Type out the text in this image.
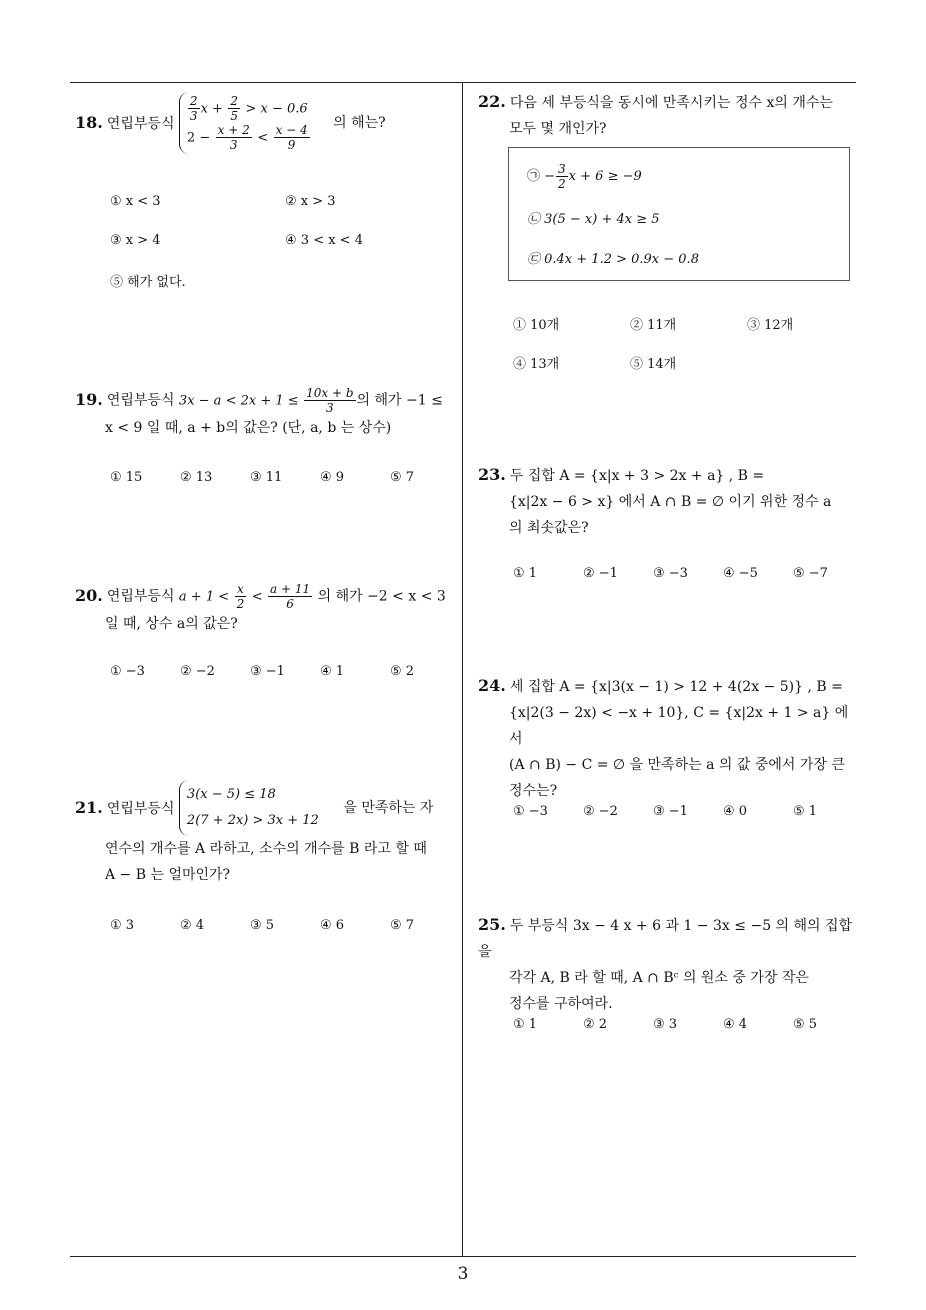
18. 연립부등식
$\frac{2}{3}$ $x + \frac{2}{5} > x - 0.6$
$2 - \frac{x + 2}{3} < \frac{x - 4}{9}$ 의 해는?
① x < 3	② x > 3
③ x > 4	④ 3 < x < 4
⑤ 해가 없다.
19. 연립부등식 $3x - a < 2x + 1 \le \frac{10x + b}{3}$ 의 해가 −1 ≤
x < 9 일 때, a + b의 값은? (단, a, b 는 상수)
① 15	② 13	③ 11	④ 9	⑤ 7
20. 연립부등식 $a + 1 < \frac{x}{2} < \frac{a + 11}{6}$ 의 해가 −2 < x < 3
일 때, 상수 a의 값은?
① −3	② −2	③ −1	④ 1	⑤ 2
21. 연립부등식
3(x − 5) ≤ 18
2(7 + 2x) > 3x + 12
을 만족하는 자
연수의 개수를 A 라하고, 소수의 개수를 B 라고 할 때
A − B 는 얼마인가?
① 3	② 4	③ 5	④ 6	⑤ 7
22. 다음 세 부등식을 동시에 만족시키는 정수 x의 개수는
모두 몇 개인가?
㉠ − $\frac{3}{2}$ x + 6 ≥ −9
㉡ 3(5 − x) + 4x ≥ 5
㉢ 0.4x + 1.2 > 0.9x − 0.8
① 10개	② 11개	③ 12개
④ 13개	⑤ 14개
23. 두 집합 A = {x|x + 3 > 2x + a} , B =
{x|2x − 6 > x} 에서 A ∩ B = ∅ 이기 위한 정수 a
의 최솟값은?
① 1	② −1	③ −3	④ −5	⑤ −7
24. 세 집합 A = {x|3(x − 1) > 12 + 4(2x − 5)} , B =
{x|2(3 − 2x) < −x + 10}, C = {x|2x + 1 > a} 에서
(A ∩ B) − C = ∅ 을 만족하는 a 의 값 중에서 가장 큰
정수는?
① −3	② −2	③ −1	④ 0	⑤ 1
25. 두 부등식 3x − 4 x + 6 과 1 − 3x ≤ −5 의 해의 집합을
각각 A, B 라 할 때, A ∩ Bᶜ 의 원소 중 가장 작은
정수를 구하여라.
① 1	② 2	③ 3	④ 4	⑤ 5
3
